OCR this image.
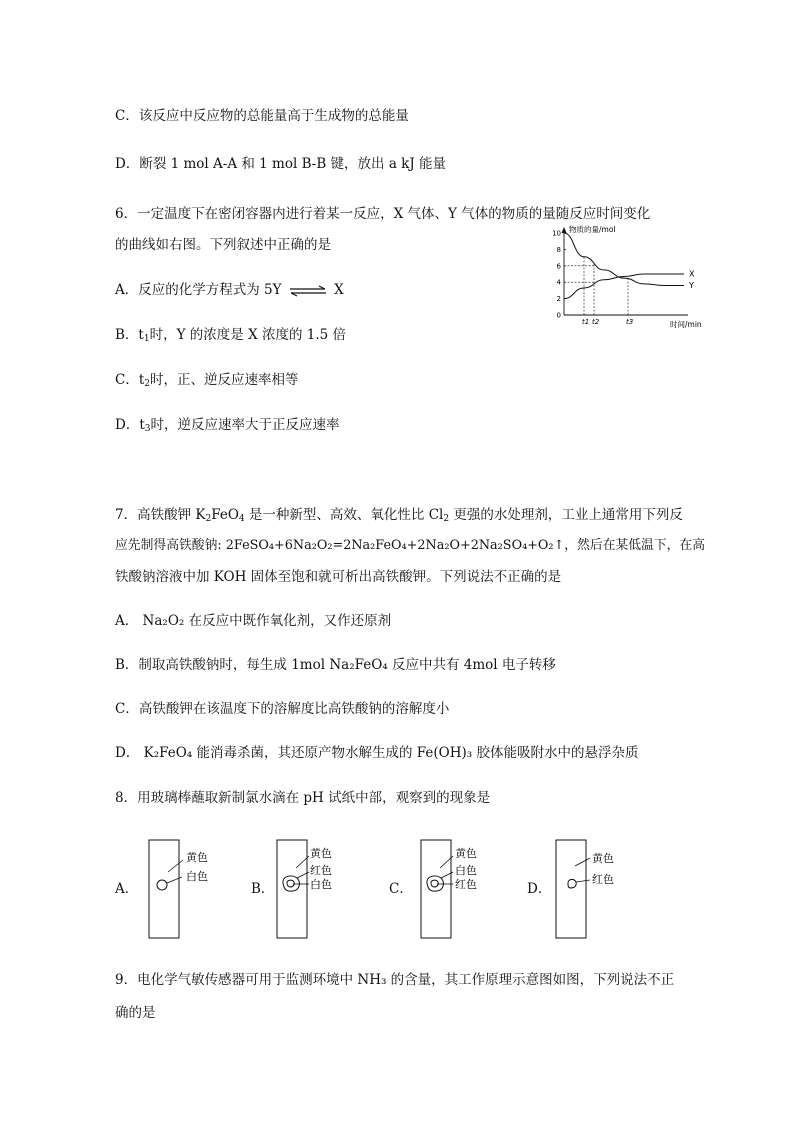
C．该反应中反应物的总能量高于生成物的总能量
D．断裂 1 mol A-A 和 1 mol B-B 键，放出 a kJ 能量
6．一定温度下在密闭容器内进行着某一反应，X 气体、Y 气体的物质的量随反应时间变化
的曲线如右图。下列叙述中正确的是
A．反应的化学方程式为 5Y ⇌ X
B．$t_1$时，Y 的浓度是 X 浓度的 1.5 倍
C．$t_2$时，正、逆反应速率相等
D．$t_3$时，逆反应速率大于正反应速率
物质的量/mol
时间/min
0
2
4
6
8
10
t1 t2	t3
X
Y
7．高铁酸钾 $K_2FeO_4$ 是一种新型、高效、氧化性比 $Cl_2$ 更强的水处理剂，工业上通常用下列反
应先制得高铁酸钠: 2FeSO₄+6Na₂O₂=2Na₂FeO₄+2Na₂O+2Na₂SO₄+O₂↑，然后在某低温下，在高
铁酸钠溶液中加 KOH 固体至饱和就可析出高铁酸钾。下列说法不正确的是
A． Na₂O₂ 在反应中既作氧化剂，又作还原剂
B．制取高铁酸钠时，每生成 1mol Na₂FeO₄ 反应中共有 4mol 电子转移
C．高铁酸钾在该温度下的溶解度比高铁酸钠的溶解度小
D． K₂FeO₄ 能消毒杀菌，其还原产物水解生成的 Fe(OH)₃ 胶体能吸附水中的悬浮杂质
8．用玻璃棒蘸取新制氯水滴在 pH 试纸中部，观察到的现象是
A．
黄色
白色
B．
黄色
红色
白色	C．
黄色
白色
红色	D．
黄色
红色
9．电化学气敏传感器可用于监测环境中 NH₃ 的含量，其工作原理示意图如图，下列说法不正
确的是
